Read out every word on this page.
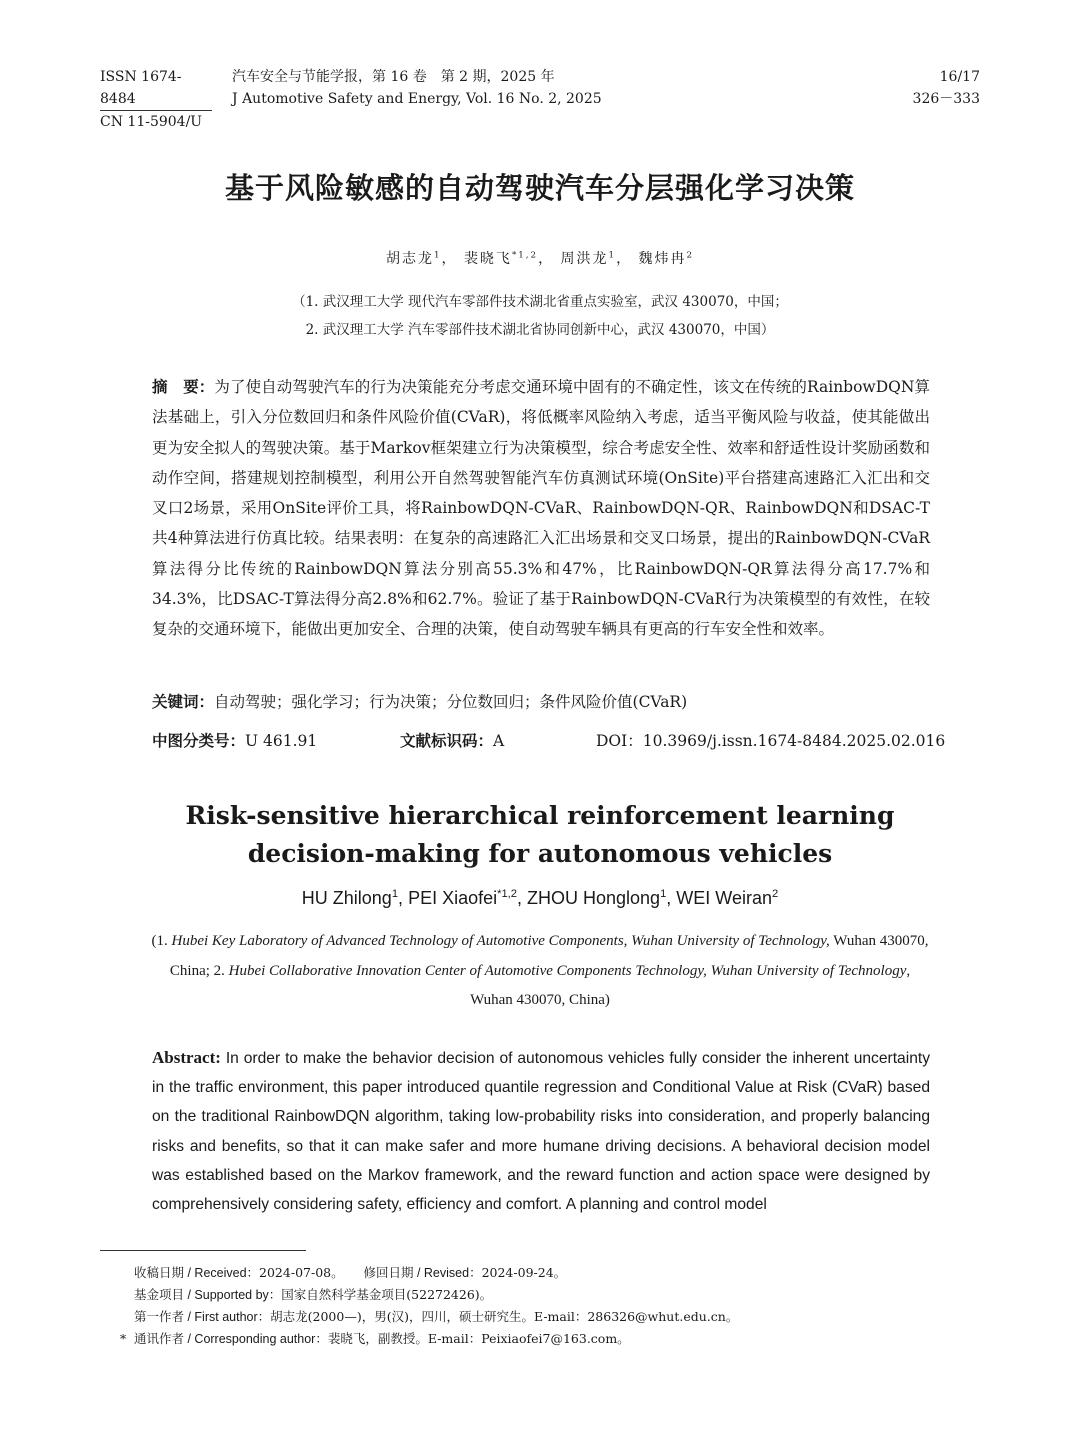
ISSN 1674-8484
CN 11-5904/U
汽车安全与节能学报，第 16 卷　第 2 期，2025 年
J Automotive Safety and Energy, Vol. 16 No. 2, 2025
16/17
326－333
基于风险敏感的自动驾驶汽车分层强化学习决策
胡志龙$^1$， 裴晓飞$^{*1,2}$， 周洪龙$^1$， 魏炜冉$^2$
（1. 武汉理工大学 现代汽车零部件技术湖北省重点实验室，武汉 430070，中国；
2. 武汉理工大学 汽车零部件技术湖北省协同创新中心，武汉 430070，中国）
摘　要：为了使自动驾驶汽车的行为决策能充分考虑交通环境中固有的不确定性，该文在传统的RainbowDQN算法基础上，引入分位数回归和条件风险价值(CVaR)，将低概率风险纳入考虑，适当平衡风险与收益，使其能做出更为安全拟人的驾驶决策。基于Markov框架建立行为决策模型，综合考虑安全性、效率和舒适性设计奖励函数和动作空间，搭建规划控制模型，利用公开自然驾驶智能汽车仿真测试环境(OnSite)平台搭建高速路汇入汇出和交叉口2场景，采用OnSite评价工具，将RainbowDQN-CVaR、RainbowDQN-QR、RainbowDQN和DSAC-T共4种算法进行仿真比较。结果表明：在复杂的高速路汇入汇出场景和交叉口场景，提出的RainbowDQN-CVaR算法得分比传统的RainbowDQN算法分别高55.3%和47%，比RainbowDQN-QR算法得分高17.7%和34.3%，比DSAC-T算法得分高2.8%和62.7%。验证了基于RainbowDQN-CVaR行为决策模型的有效性，在较复杂的交通环境下，能做出更加安全、合理的决策，使自动驾驶车辆具有更高的行车安全性和效率。
关键词：自动驾驶；强化学习；行为决策；分位数回归；条件风险价值(CVaR)
中图分类号：U 461.91	文献标识码：A	DOI：10.3969/j.issn.1674-8484.2025.02.016
Risk-sensitive hierarchical reinforcement learning decision-making for autonomous vehicles
HU Zhilong$^1$, PEI Xiaofei$^{*1,2}$, ZHOU Honglong$^1$, WEI Weiran$^2$
(1. Hubei Key Laboratory of Advanced Technology of Automotive Components, Wuhan University of Technology, Wuhan 430070, China; 2. Hubei Collaborative Innovation Center of Automotive Components Technology, Wuhan University of Technology, Wuhan 430070, China)
Abstract: In order to make the behavior decision of autonomous vehicles fully consider the inherent uncertainty in the traffic environment, this paper introduced quantile regression and Conditional Value at Risk (CVaR) based on the traditional RainbowDQN algorithm, taking low-probability risks into consideration, and properly balancing risks and benefits, so that it can make safer and more humane driving decisions. A behavioral decision model was established based on the Markov framework, and the reward function and action space were designed by comprehensively considering safety, efficiency and comfort. A planning and control model
收稿日期 / Received：2024-07-08。 修回日期 / Revised：2024-09-24。
基金项目 / Supported by：国家自然科学基金项目(52272426)。
第一作者 / First author：胡志龙(2000—)，男(汉)，四川，硕士研究生。E-mail：286326@whut.edu.cn。
* 通讯作者 / Corresponding author：裴晓飞，副教授。E-mail：Peixiaofei7@163.com。
